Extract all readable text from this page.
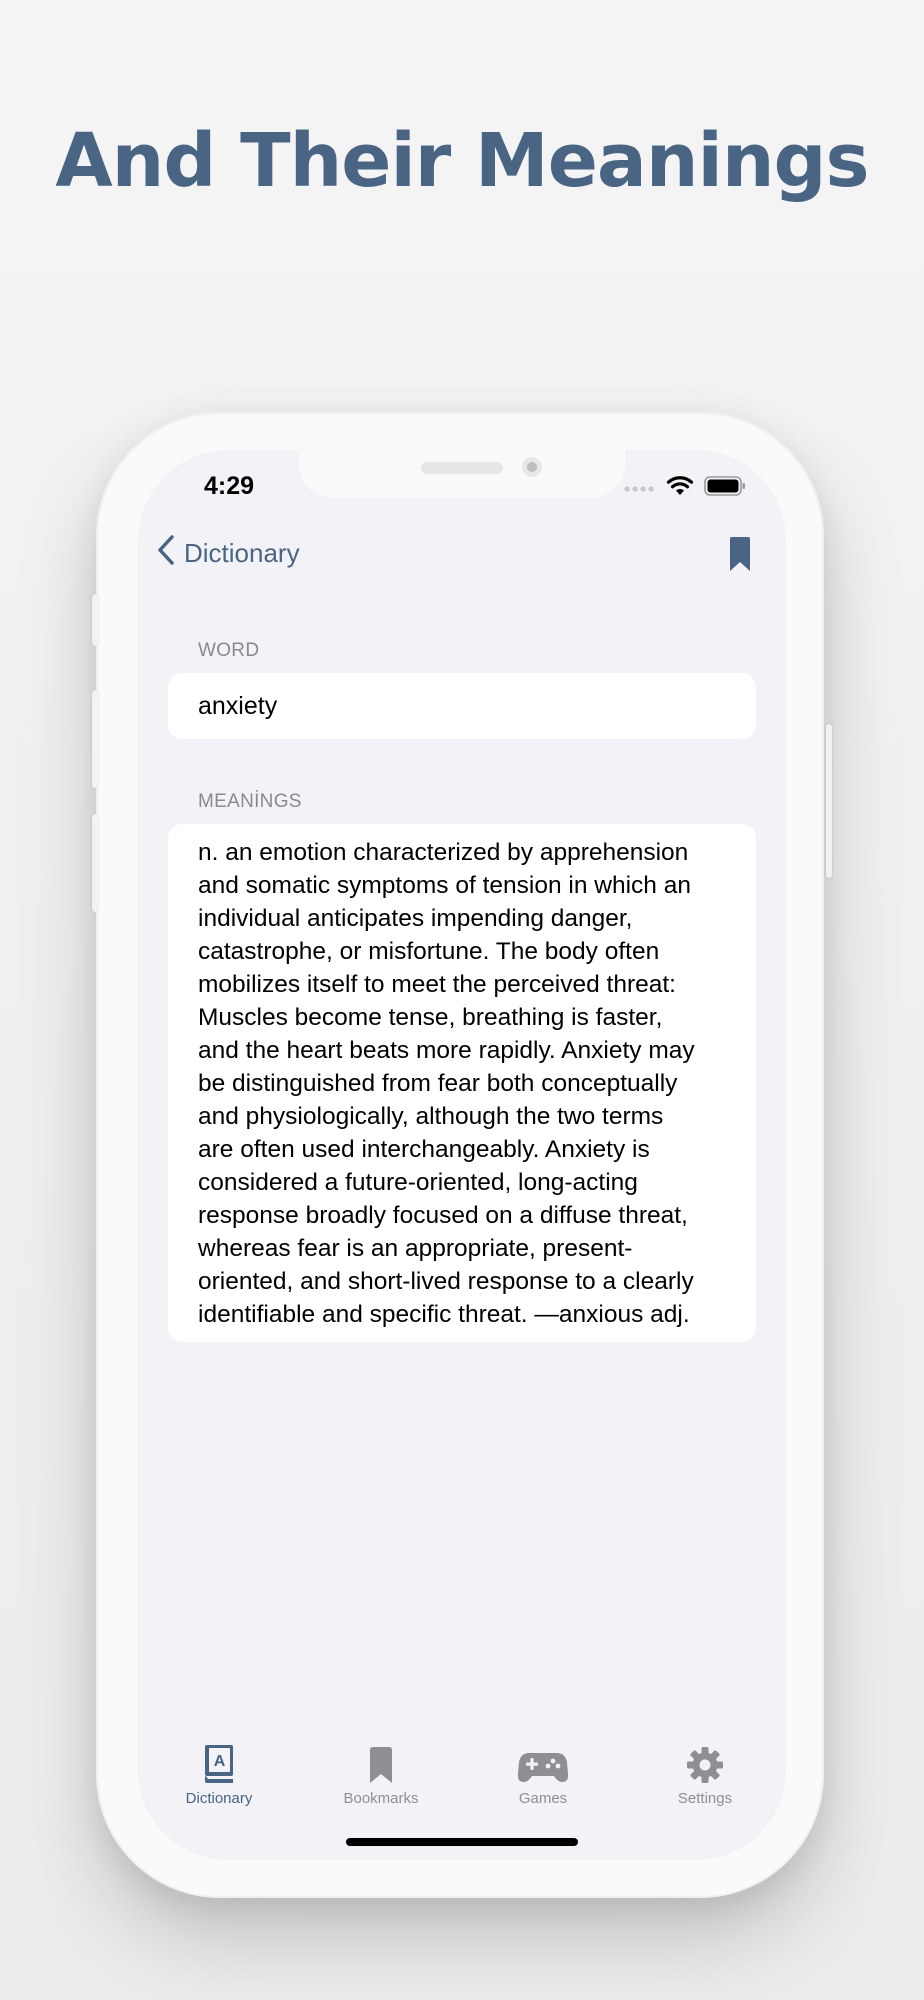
And Their Meanings
4:29
Dictionary
WORD
anxiety
MEANİNGS
n. an emotion characterized by apprehension
and somatic symptoms of tension in which an
individual anticipates impending danger,
catastrophe, or misfortune. The body often
mobilizes itself to meet the perceived threat:
Muscles become tense, breathing is faster,
and the heart beats more rapidly. Anxiety may
be distinguished from fear both conceptually
and physiologically, although the two terms
are often used interchangeably. Anxiety is
considered a future-oriented, long-acting
response broadly focused on a diffuse threat,
whereas fear is an appropriate, present-
oriented, and short-lived response to a clearly
identifiable and specific threat. —anxious adj.
A
Dictionary	Bookmarks	Games	Settings
